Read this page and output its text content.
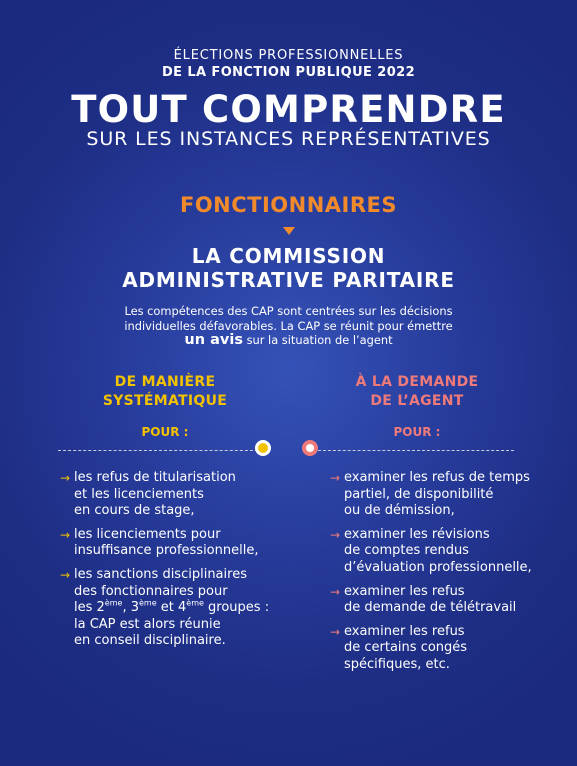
ÉLECTIONS PROFESSIONNELLES
DE LA FONCTION PUBLIQUE 2022
TOUT COMPRENDRE
SUR LES INSTANCES REPRÉSENTATIVES
FONCTIONNAIRES
LA COMMISSION
ADMINISTRATIVE PARITAIRE
Les compétences des CAP sont centrées sur les décisions
individuelles défavorables. La CAP se réunit pour émettre
un avis sur la situation de l’agent
DE MANIÈRE
SYSTÉMATIQUE
POUR :
À LA DEMANDE
DE L’AGENT
POUR :
→ les refus de titularisation
et les licenciements
en cours de stage,
→ les licenciements pour
insuffisance professionnelle,
→ les sanctions disciplinaires
des fonctionnaires pour
les 2ème, 3ème et 4ème groupes :
la CAP est alors réunie
en conseil disciplinaire.
→ examiner les refus de temps
partiel, de disponibilité
ou de démission,
→ examiner les révisions
de comptes rendus
d’évaluation professionnelle,
→ examiner les refus
de demande de télétravail
→ examiner les refus
de certains congés
spécifiques, etc.
